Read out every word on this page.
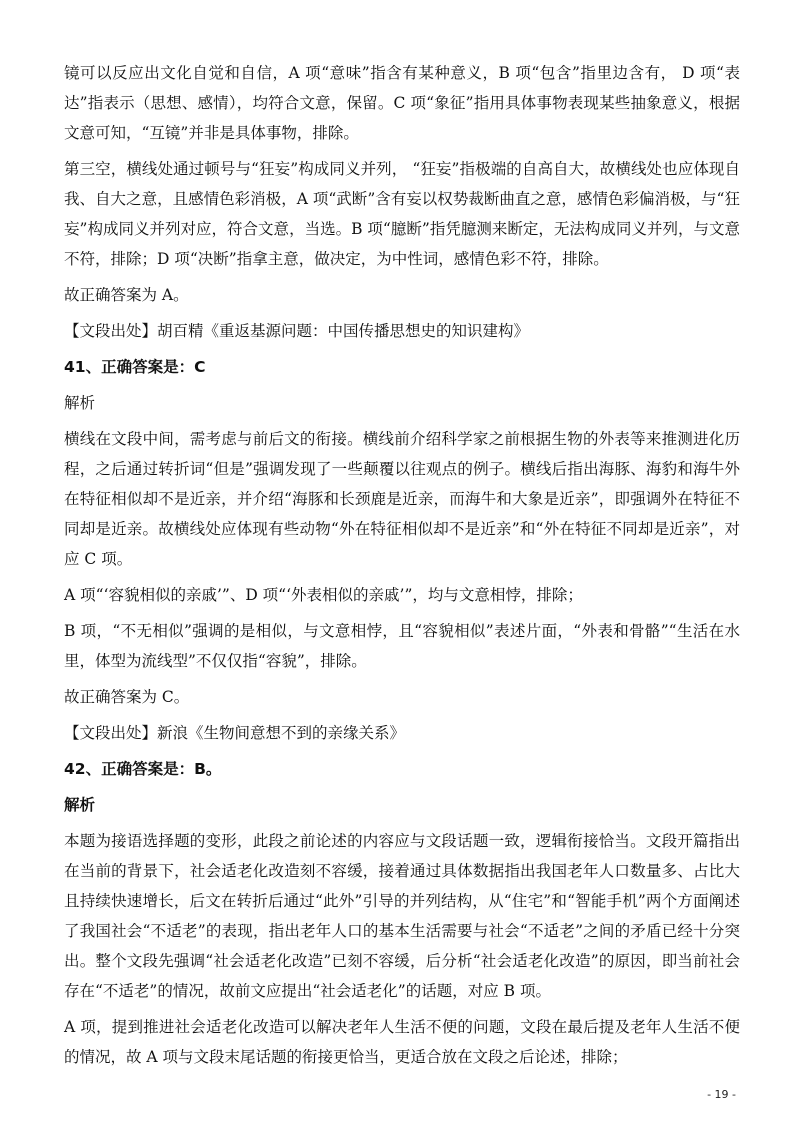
镜可以反应出文化自觉和自信，A 项“意味”指含有某种意义，B 项“包含”指里边含有， D 项“表达”指表示（思想、感情），均符合文意，保留。C 项“象征”指用具体事物表现某些抽象意义，根据文意可知，“互镜”并非是具体事物，排除。

第三空，横线处通过顿号与“狂妄”构成同义并列， “狂妄”指极端的自高自大，故横线处也应体现自我、自大之意，且感情色彩消极，A 项“武断”含有妄以权势裁断曲直之意，感情色彩偏消极，与“狂妄”构成同义并列对应，符合文意，当选。B 项“臆断”指凭臆测来断定，无法构成同义并列，与文意不符，排除；D 项“决断”指拿主意，做决定，为中性词，感情色彩不符，排除。

故正确答案为 A。

【文段出处】胡百精《重返基源问题：中国传播思想史的知识建构》

41、正确答案是：C

解析

横线在文段中间，需考虑与前后文的衔接。横线前介绍科学家之前根据生物的外表等来推测进化历程，之后通过转折词“但是”强调发现了一些颠覆以往观点的例子。横线后指出海豚、海豹和海牛外在特征相似却不是近亲，并介绍“海豚和长颈鹿是近亲，而海牛和大象是近亲”，即强调外在特征不同却是近亲。故横线处应体现有些动物“外在特征相似却不是近亲”和“外在特征不同却是近亲”，对应 C 项。

A 项“‘容貌相似的亲戚’”、D 项“‘外表相似的亲戚’”，均与文意相悖，排除；

B 项，“不无相似”强调的是相似，与文意相悖，且“容貌相似”表述片面，“外表和骨骼”“生活在水里，体型为流线型”不仅仅指“容貌”，排除。

故正确答案为 C。

【文段出处】新浪《生物间意想不到的亲缘关系》

42、正确答案是：B。

解析

本题为接语选择题的变形，此段之前论述的内容应与文段话题一致，逻辑衔接恰当。文段开篇指出在当前的背景下，社会适老化改造刻不容缓，接着通过具体数据指出我国老年人口数量多、占比大且持续快速增长，后文在转折后通过“此外”引导的并列结构，从“住宅”和“智能手机”两个方面阐述了我国社会“不适老”的表现，指出老年人口的基本生活需要与社会“不适老”之间的矛盾已经十分突出。整个文段先强调“社会适老化改造”已刻不容缓，后分析“社会适老化改造”的原因，即当前社会存在“不适老”的情况，故前文应提出“社会适老化”的话题，对应 B 项。

A 项，提到推进社会适老化改造可以解决老年人生活不便的问题，文段在最后提及老年人生活不便的情况，故 A 项与文段末尾话题的衔接更恰当，更适合放在文段之后论述，排除；

- 19 -
